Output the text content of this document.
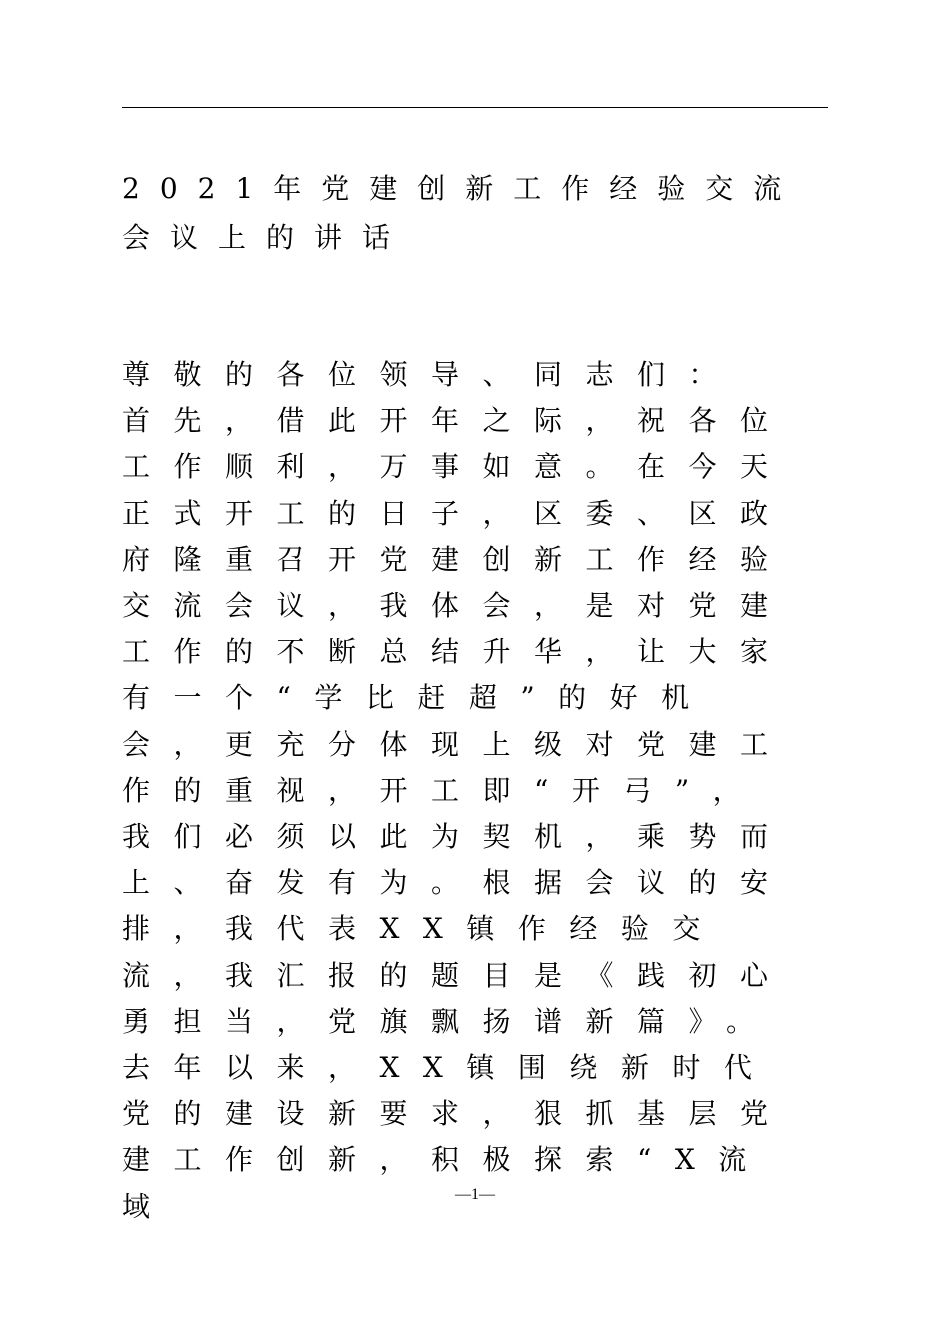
2021年党建创新工作经验交流会议上的讲话

尊敬的各位领导、同志们：

首先，借此开年之际，祝各位工作顺利，万事如意。在今天正式开工的日子，区委、区政府隆重召开党建创新工作经验交流会议，我体会，是对党建工作的不断总结升华，让大家有一个“学比赶超”的好机会，更充分体现上级对党建工作的重视，开工即“开弓”，我们必须以此为契机，乘势而上、奋发有为。根据会议的安排，我代表XX镇作经验交流，我汇报的题目是《践初心勇担当，党旗飘扬谱新篇》。

去年以来，XX镇围绕新时代党的建设新要求，狠抓基层党建工作创新，积极探索“X流域	—1—
